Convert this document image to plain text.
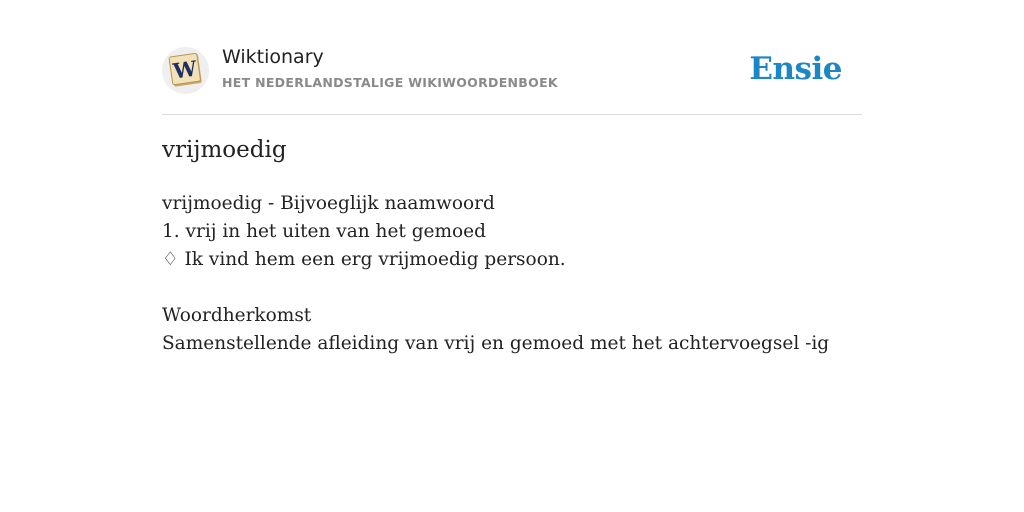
W Wiktionary
HET NEDERLANDSTALIGE WIKIWOORDENBOEK	Ensie
vrijmoedig
vrijmoedig - Bijvoeglijk naamwoord
1. vrij in het uiten van het gemoed
♢ Ik vind hem een erg vrijmoedig persoon.
Woordherkomst
Samenstellende afleiding van vrij en gemoed met het achtervoegsel -ig
